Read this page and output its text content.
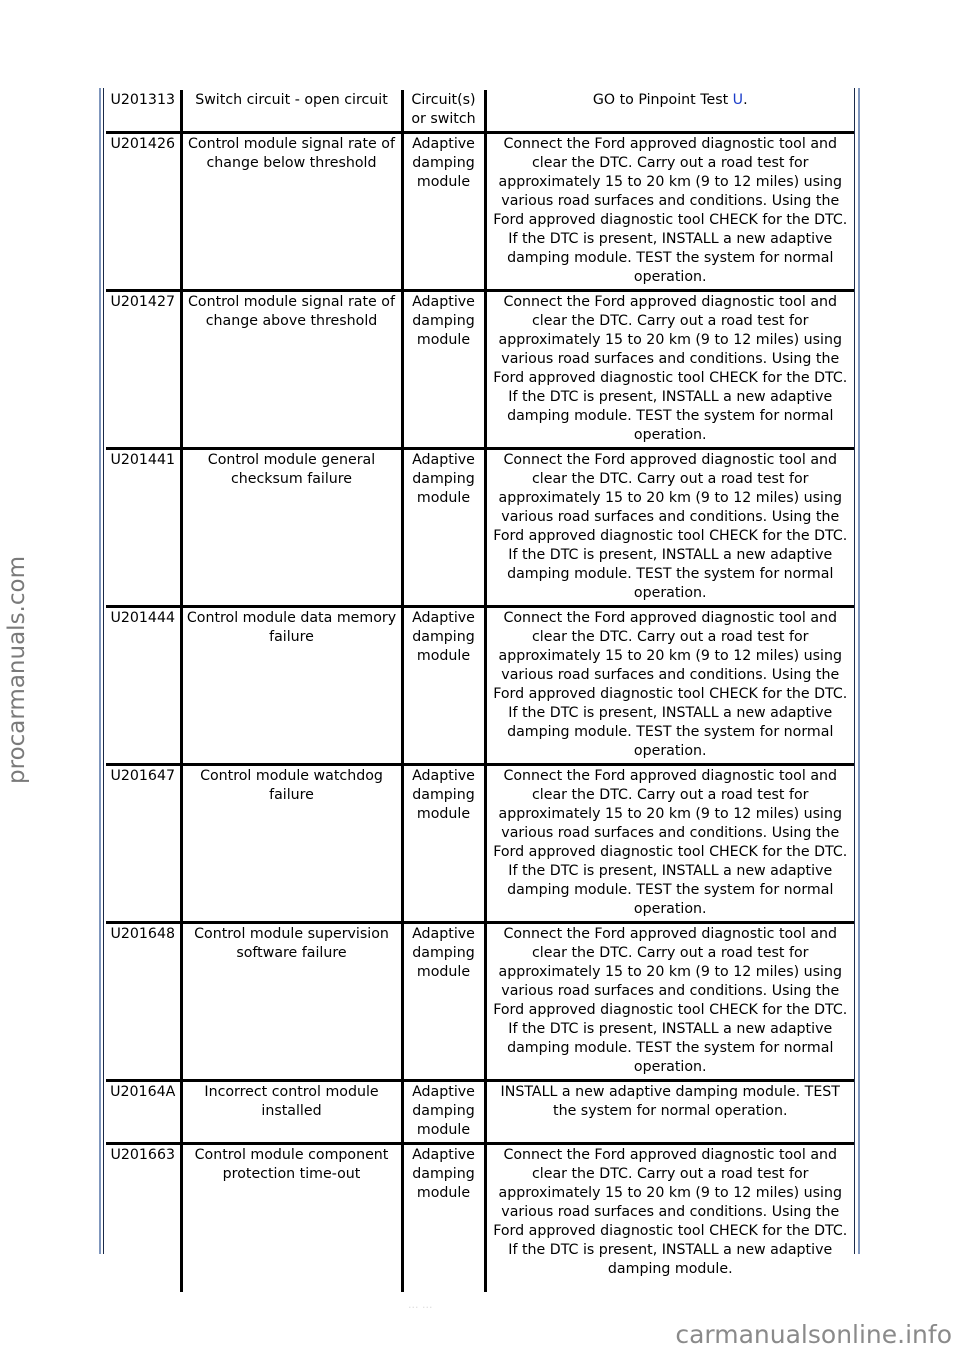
procarmanuals.com
U201313	Switch circuit - open circuit	Circuit(s) or switch	GO to Pinpoint Test U.
U201426	Control module signal rate of change below threshold	Adaptive damping module	Connect the Ford approved diagnostic tool and clear the DTC. Carry out a road test for approximately 15 to 20 km (9 to 12 miles) using various road surfaces and conditions. Using the Ford approved diagnostic tool CHECK for the DTC. If the DTC is present, INSTALL a new adaptive damping module. TEST the system for normal operation.
U201427	Control module signal rate of change above threshold	Adaptive damping module	Connect the Ford approved diagnostic tool and clear the DTC. Carry out a road test for approximately 15 to 20 km (9 to 12 miles) using various road surfaces and conditions. Using the Ford approved diagnostic tool CHECK for the DTC. If the DTC is present, INSTALL a new adaptive damping module. TEST the system for normal operation.
U201441	Control module general checksum failure	Adaptive damping module	Connect the Ford approved diagnostic tool and clear the DTC. Carry out a road test for approximately 15 to 20 km (9 to 12 miles) using various road surfaces and conditions. Using the Ford approved diagnostic tool CHECK for the DTC. If the DTC is present, INSTALL a new adaptive damping module. TEST the system for normal operation.
U201444	Control module data memory failure	Adaptive damping module	Connect the Ford approved diagnostic tool and clear the DTC. Carry out a road test for approximately 15 to 20 km (9 to 12 miles) using various road surfaces and conditions. Using the Ford approved diagnostic tool CHECK for the DTC. If the DTC is present, INSTALL a new adaptive damping module. TEST the system for normal operation.
U201647	Control module watchdog failure	Adaptive damping module	Connect the Ford approved diagnostic tool and clear the DTC. Carry out a road test for approximately 15 to 20 km (9 to 12 miles) using various road surfaces and conditions. Using the Ford approved diagnostic tool CHECK for the DTC. If the DTC is present, INSTALL a new adaptive damping module. TEST the system for normal operation.
U201648	Control module supervision software failure	Adaptive damping module	Connect the Ford approved diagnostic tool and clear the DTC. Carry out a road test for approximately 15 to 20 km (9 to 12 miles) using various road surfaces and conditions. Using the Ford approved diagnostic tool CHECK for the DTC. If the DTC is present, INSTALL a new adaptive damping module. TEST the system for normal operation.
U20164A	Incorrect control module installed	Adaptive damping module	INSTALL a new adaptive damping module. TEST the system for normal operation.
U201663	Control module component protection time-out	Adaptive damping module	Connect the Ford approved diagnostic tool and clear the DTC. Carry out a road test for approximately 15 to 20 km (9 to 12 miles) using various road surfaces and conditions. Using the Ford approved diagnostic tool CHECK for the DTC. If the DTC is present, INSTALL a new adaptive damping module.
··· ···
carmanualsonline.info
